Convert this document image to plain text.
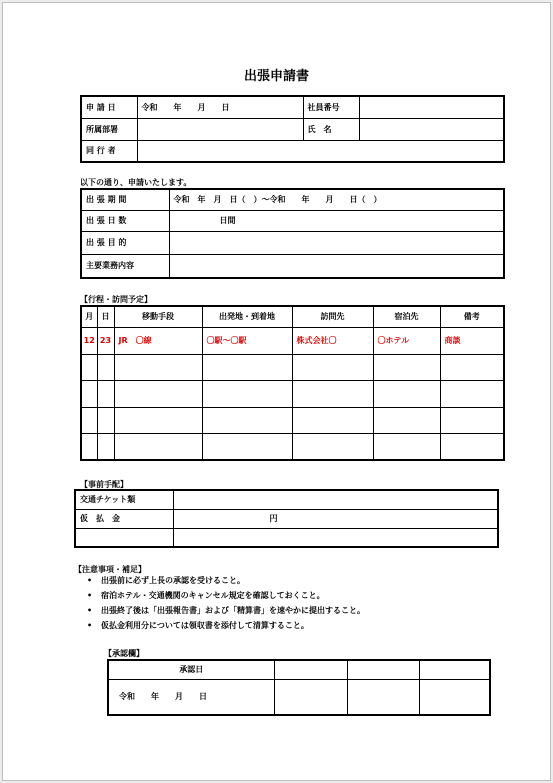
出張申請書
申 請 日	令和　　年　　月　　日	社員番号	
所属部署		氏　名	
同 行 者			
以下の通り、申請いたします。
出 張 期 間	令和　年　月　日（　）～令和　　年　　月　　日（　）
出 張 日 数	日間
出 張 目 的	
主要業務内容	
【行程・訪問予定】
月	日	移動手段	出発地・到着地	訪問先	宿泊先	備考
12	23	JR　〇線	〇駅～〇駅	株式会社〇	〇ホテル	商談

【事前手配】
交通チケット類	
仮　払　金	円

【注意事項・補足】
• 出張前に必ず上長の承認を受けること。
• 宿泊ホテル・交通機関のキャンセル規定を確認しておくこと。
• 出張終了後は「出張報告書」および「精算書」を速やかに提出すること。
• 仮払金利用分については領収書を添付して清算すること。
【承認欄】
承認日			
令和　　年　　月　　日			
